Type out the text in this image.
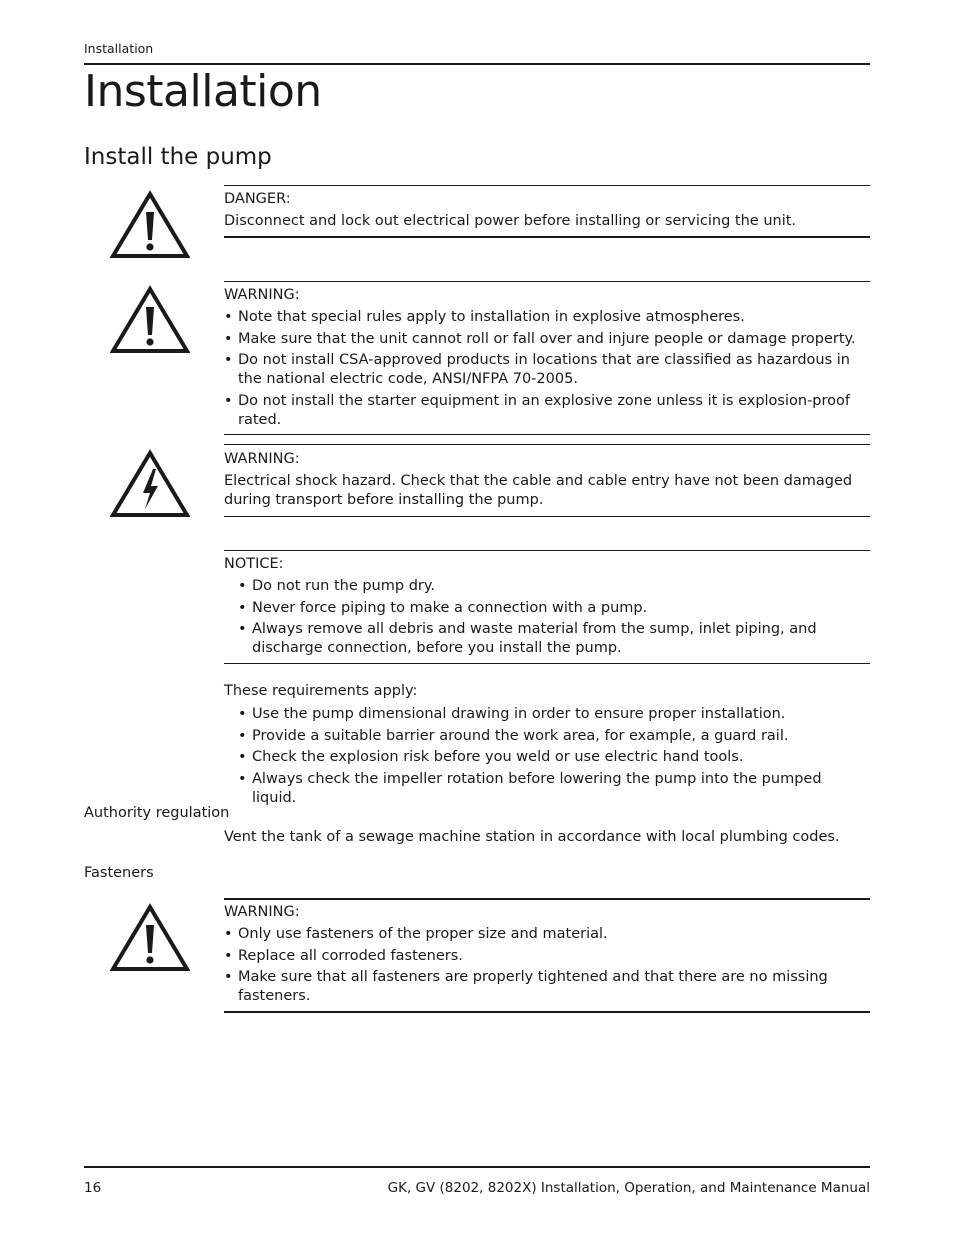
Installation
Installation
Install the pump
DANGER:
Disconnect and lock out electrical power before installing or servicing the unit.
WARNING:
• Note that special rules apply to installation in explosive atmospheres.
• Make sure that the unit cannot roll or fall over and injure people or damage property.
• Do not install CSA-approved products in locations that are classified as hazardous in the national electric code, ANSI/NFPA 70-2005.
• Do not install the starter equipment in an explosive zone unless it is explosion-proof rated.
WARNING:
Electrical shock hazard. Check that the cable and cable entry have not been damaged during transport before installing the pump.
NOTICE:
• Do not run the pump dry.
• Never force piping to make a connection with a pump.
• Always remove all debris and waste material from the sump, inlet piping, and discharge connection, before you install the pump.
These requirements apply:
• Use the pump dimensional drawing in order to ensure proper installation.
• Provide a suitable barrier around the work area, for example, a guard rail.
• Check the explosion risk before you weld or use electric hand tools.
• Always check the impeller rotation before lowering the pump into the pumped liquid.
Authority regulation
Vent the tank of a sewage machine station in accordance with local plumbing codes.
Fasteners
WARNING:
• Only use fasteners of the proper size and material.
• Replace all corroded fasteners.
• Make sure that all fasteners are properly tightened and that there are no missing fasteners.
16	GK, GV (8202, 8202X) Installation, Operation, and Maintenance Manual
